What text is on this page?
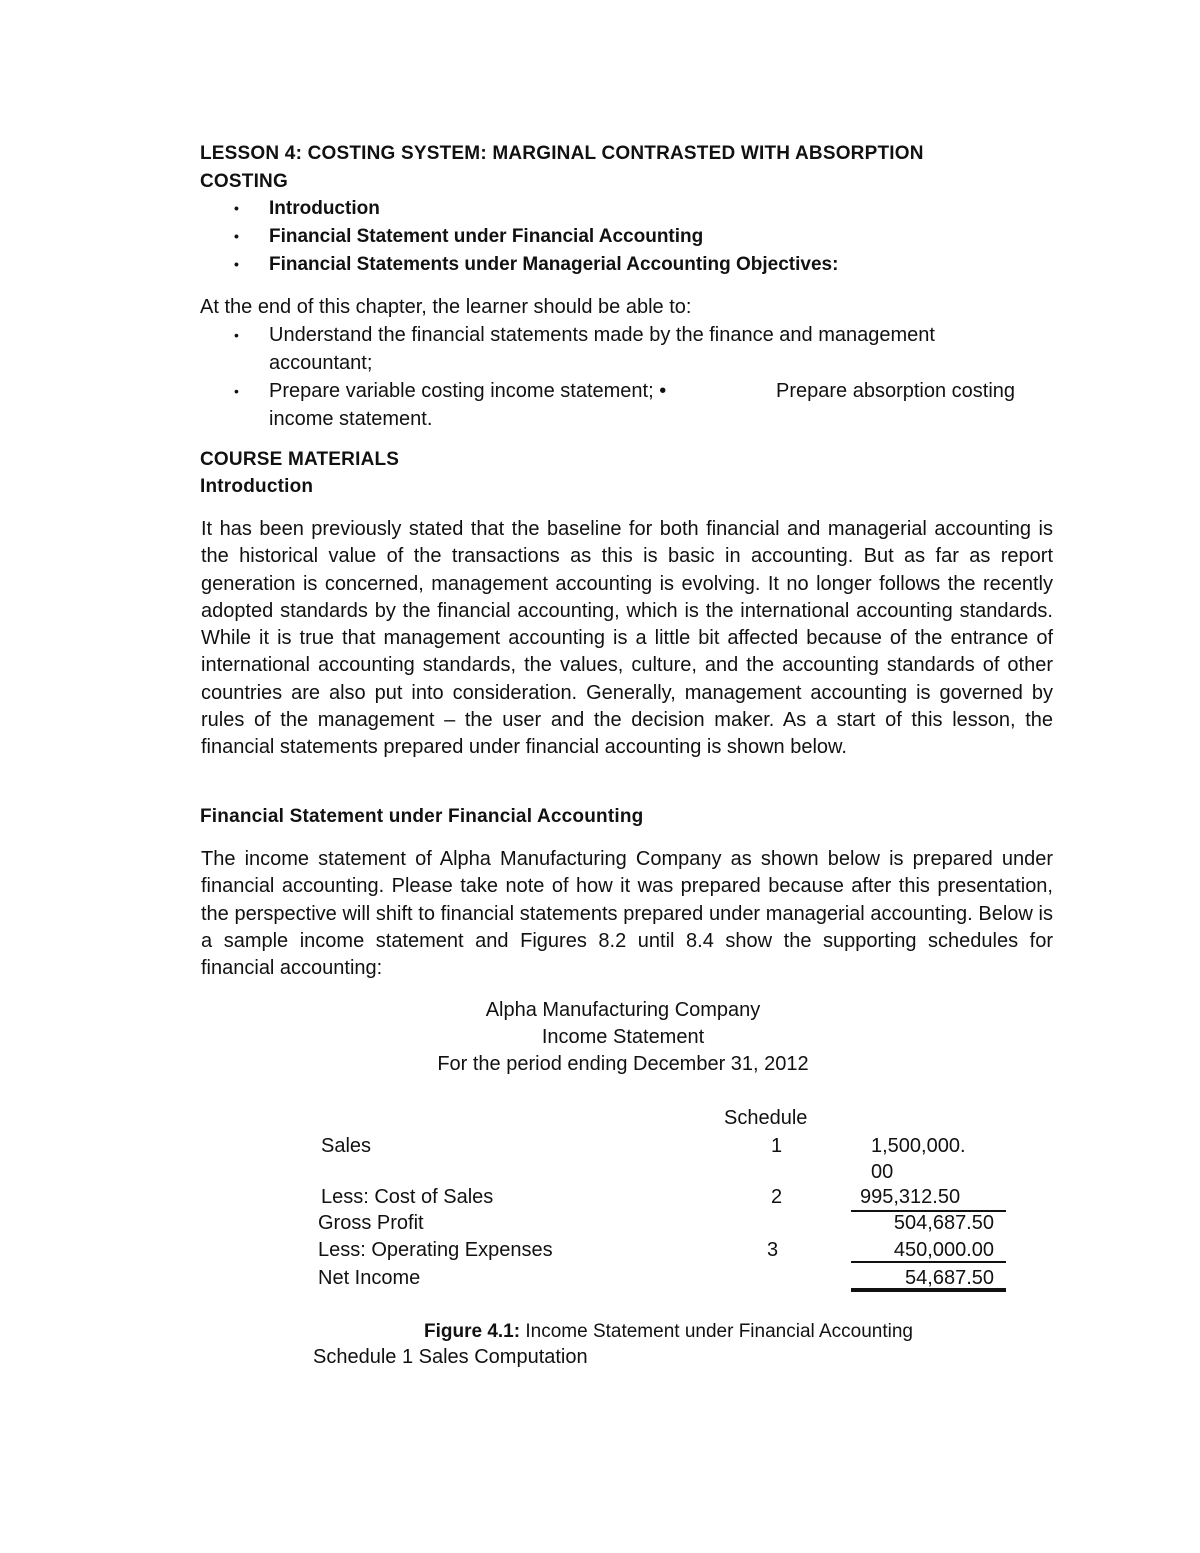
LESSON 4: COSTING SYSTEM: MARGINAL CONTRASTED WITH ABSORPTION
COSTING
• Introduction
• Financial Statement under Financial Accounting
• Financial Statements under Managerial Accounting Objectives:
At the end of this chapter, the learner should be able to:
• Understand the financial statements made by the finance and management
accountant;
• Prepare variable costing income statement; •	Prepare absorption costing
income statement.
COURSE MATERIALS
Introduction

It has been previously stated that the baseline for both financial and managerial accounting is the historical value of the transactions as this is basic in accounting. But as far as report generation is concerned, management accounting is evolving. It no longer follows the recently adopted standards by the financial accounting, which is the international accounting standards. While it is true that management accounting is a little bit affected because of the entrance of international accounting standards, the values, culture, and the accounting standards of other countries are also put into consideration. Generally, management accounting is governed by rules of the management – the user and the decision maker. As a start of this lesson, the financial statements prepared under financial accounting is shown below.

Financial Statement under Financial Accounting

The income statement of Alpha Manufacturing Company as shown below is prepared under financial accounting. Please take note of how it was prepared because after this presentation, the perspective will shift to financial statements prepared under managerial accounting. Below is a sample income statement and Figures 8.2 until 8.4 show the supporting schedules for financial accounting:

Alpha Manufacturing Company
Income Statement
For the period ending December 31, 2012
Schedule
Sales	1	1,500,000.
00
Less: Cost of Sales	2	995,312.50
Gross Profit	504,687.50
Less: Operating Expenses	3	450,000.00
Net Income	54,687.50
Figure 4.1: Income Statement under Financial Accounting
Schedule 1 Sales Computation
